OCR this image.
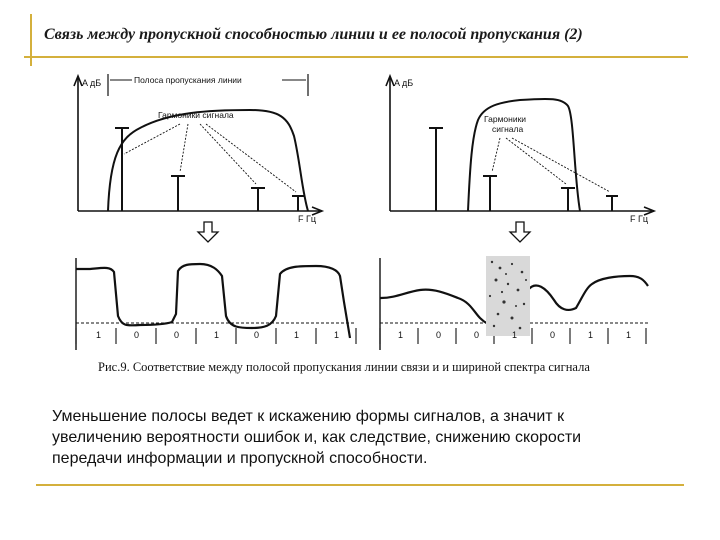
Связь между пропускной способностью линии и ее полосой пропускания (2)
A дБ
F Гц
Полоса пропускания линии
Гармоники сигнала
A дБ
F Гц
Гармоники
сигнала
1	0	0	1	0	1	1	1	0	0	1	0	1	1
Рис.9. Соответствие между полосой пропускания линии связи и и шириной спектра сигнала
Уменьшение полосы ведет к искажению формы сигналов, а значит к увеличению вероятности ошибок и, как следствие, снижению скорости передачи информации и пропускной способности.
